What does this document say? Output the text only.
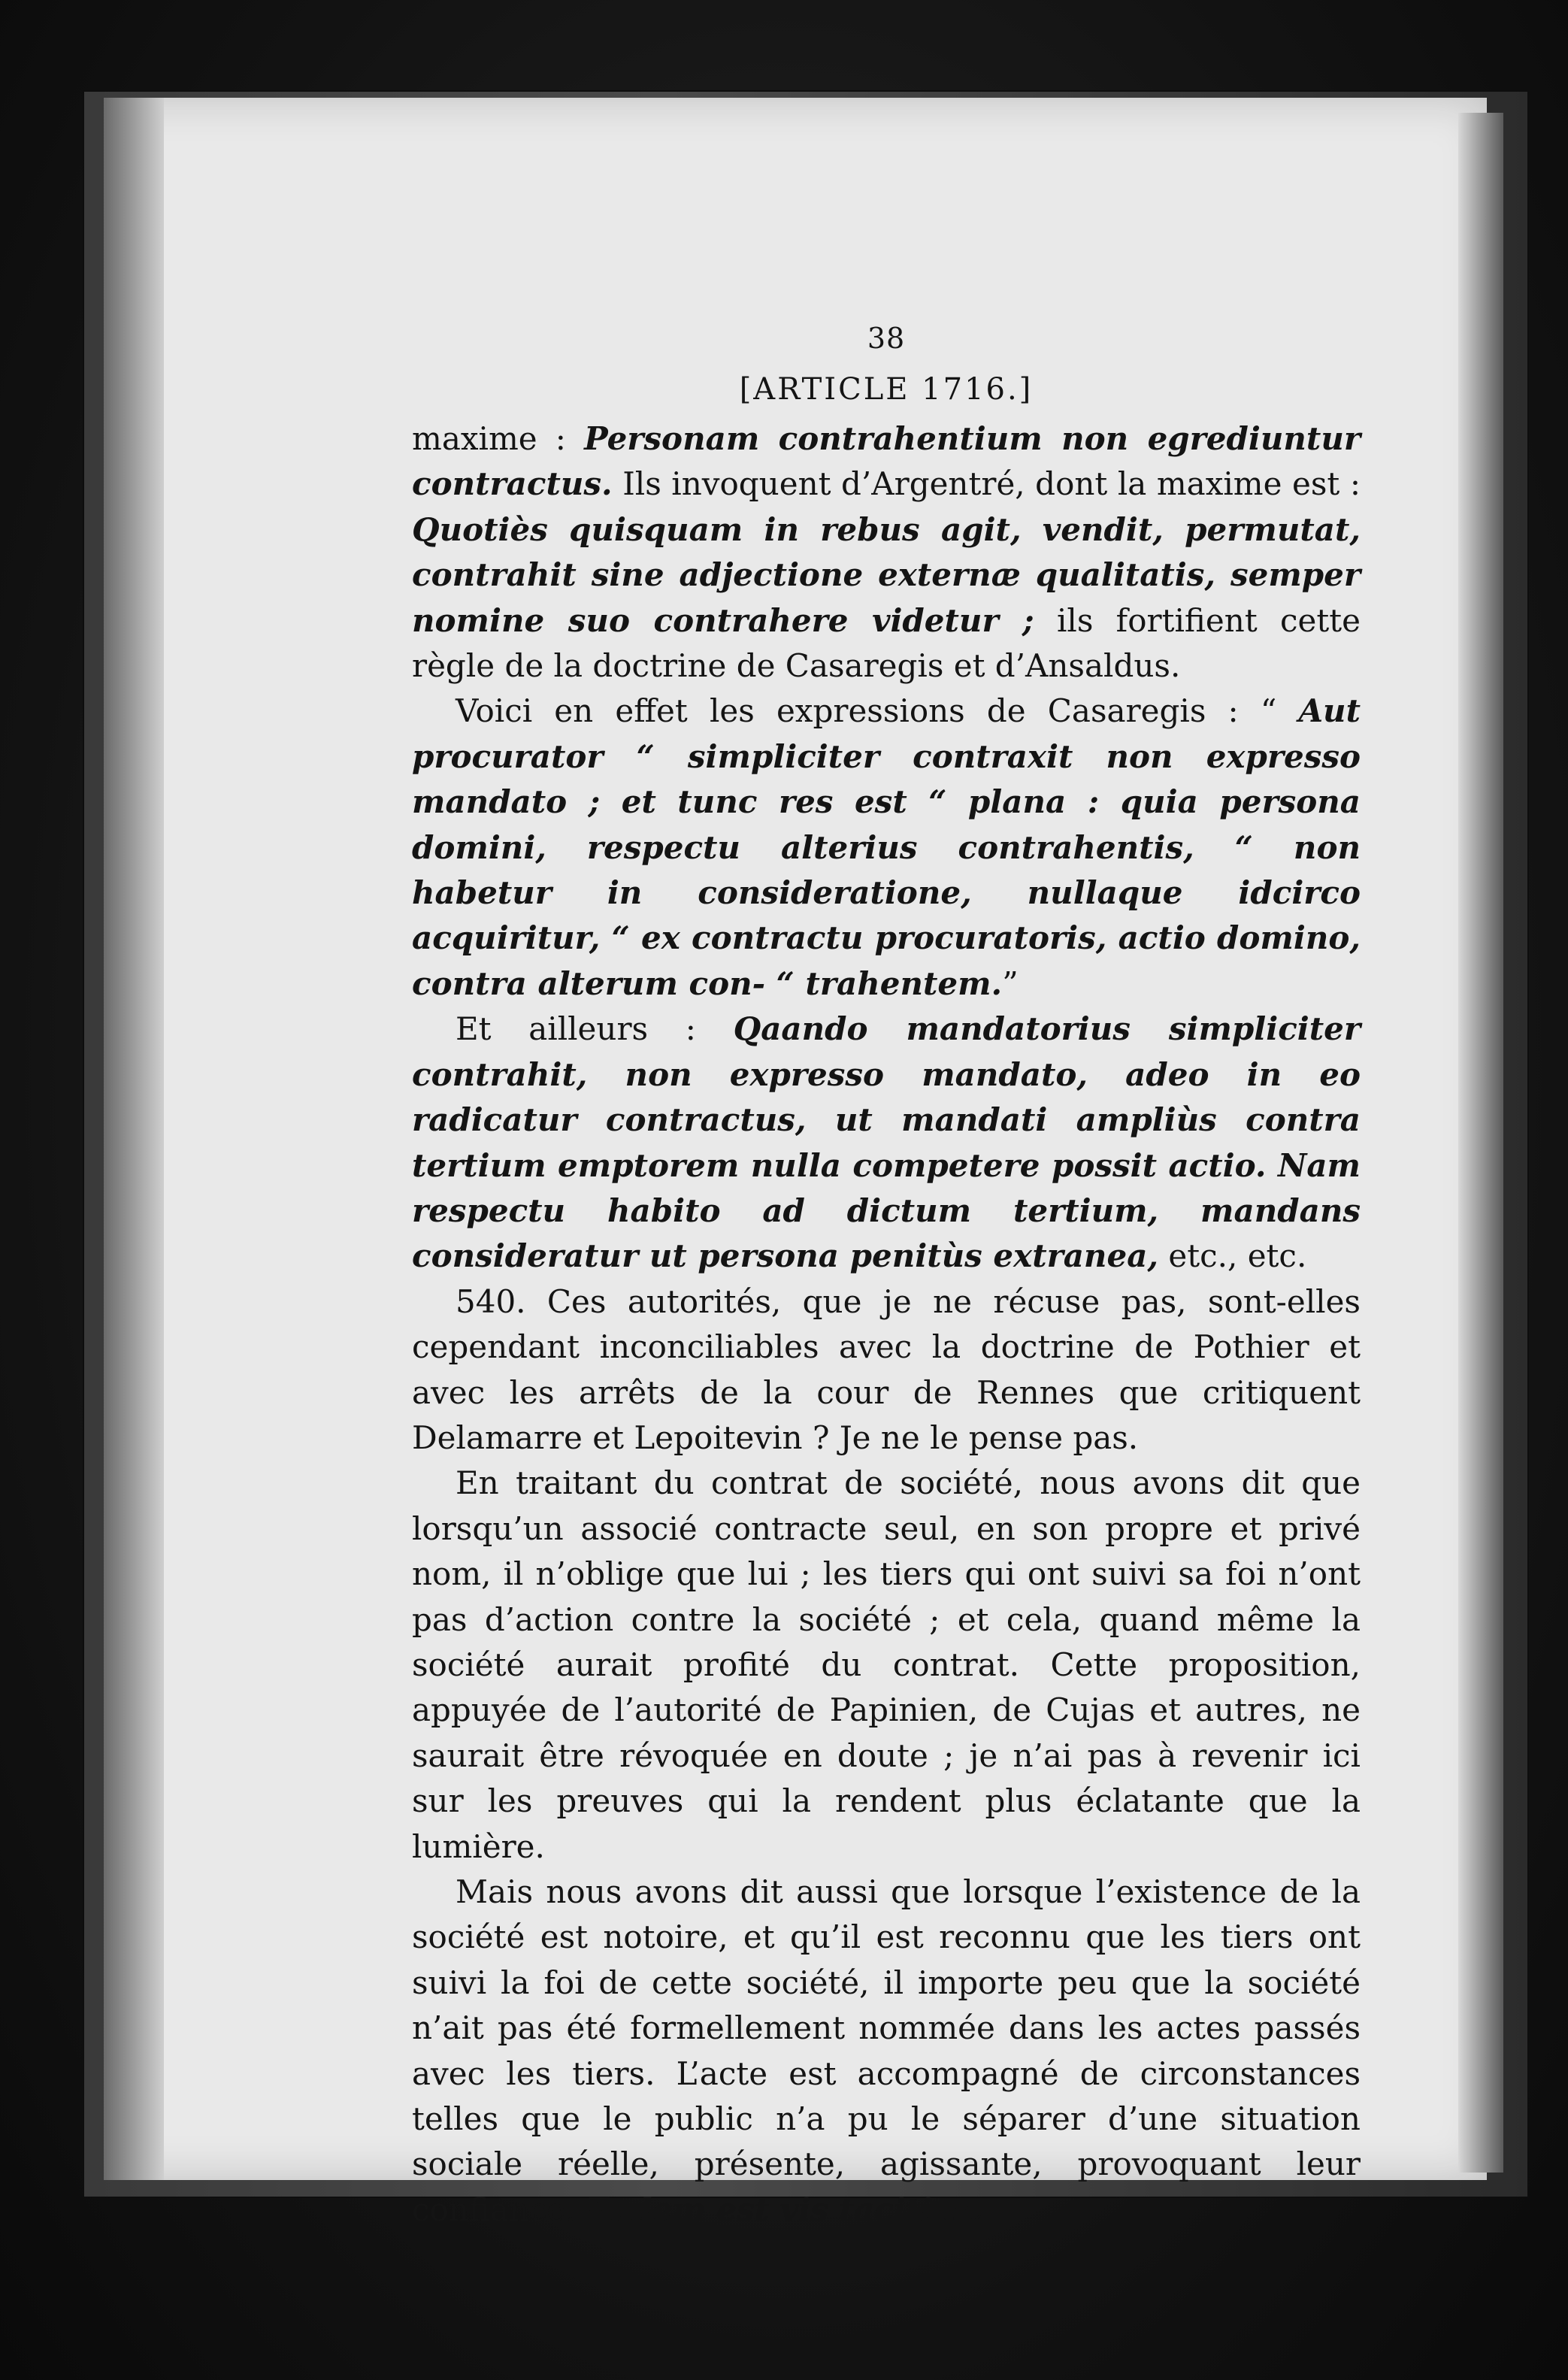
38
[ARTICLE 1716.]

maxime : Personam contrahentium non egrediuntur contractus. Ils invoquent d’Argentré, dont la maxime est : Quotiès quisquam in rebus agit, vendit, permutat, contrahit sine adjectione externæ qualitatis, semper nomine suo contrahere videtur ; ils fortifient cette règle de la doctrine de Casaregis et d’Ansaldus.

Voici en effet les expressions de Casaregis : “ Aut procurator “ simpliciter contraxit non expresso mandato ; et tunc res est “ plana : quia persona domini, respectu alterius contrahentis, “ non habetur in consideratione, nullaque idcirco acquiritur, “ ex contractu procuratoris, actio domino, contra alterum con- “ trahentem.”

Et ailleurs : Qaando mandatorius simpliciter contrahit, non expresso mandato, adeo in eo radicatur contractus, ut mandati ampliùs contra tertium emptorem nulla competere possit actio. Nam respectu habito ad dictum tertium, mandans consideratur ut persona penitùs extranea, etc., etc.

540. Ces autorités, que je ne récuse pas, sont-elles cependant inconciliables avec la doctrine de Pothier et avec les arrêts de la cour de Rennes que critiquent Delamarre et Lepoitevin ? Je ne le pense pas.

En traitant du contrat de société, nous avons dit que lorsqu’un associé contracte seul, en son propre et privé nom, il n’oblige que lui ; les tiers qui ont suivi sa foi n’ont pas d’action contre la société ; et cela, quand même la société aurait profité du contrat. Cette proposition, appuyée de l’autorité de Papinien, de Cujas et autres, ne saurait être révoquée en doute ; je n’ai pas à revenir ici sur les preuves qui la rendent plus éclatante que la lumière.

Mais nous avons dit aussi que lorsque l’existence de la société est notoire, et qu’il est reconnu que les tiers ont suivi la foi de cette société, il importe peu que la société n’ait pas été formellement nommée dans les actes passés avec les tiers. L’acte est accompagné de circonstances telles que le public n’a pu le séparer d’une situation sociale réelle, présente, agissante, provoquant leur confiance. Eadem est vis taciti ac
